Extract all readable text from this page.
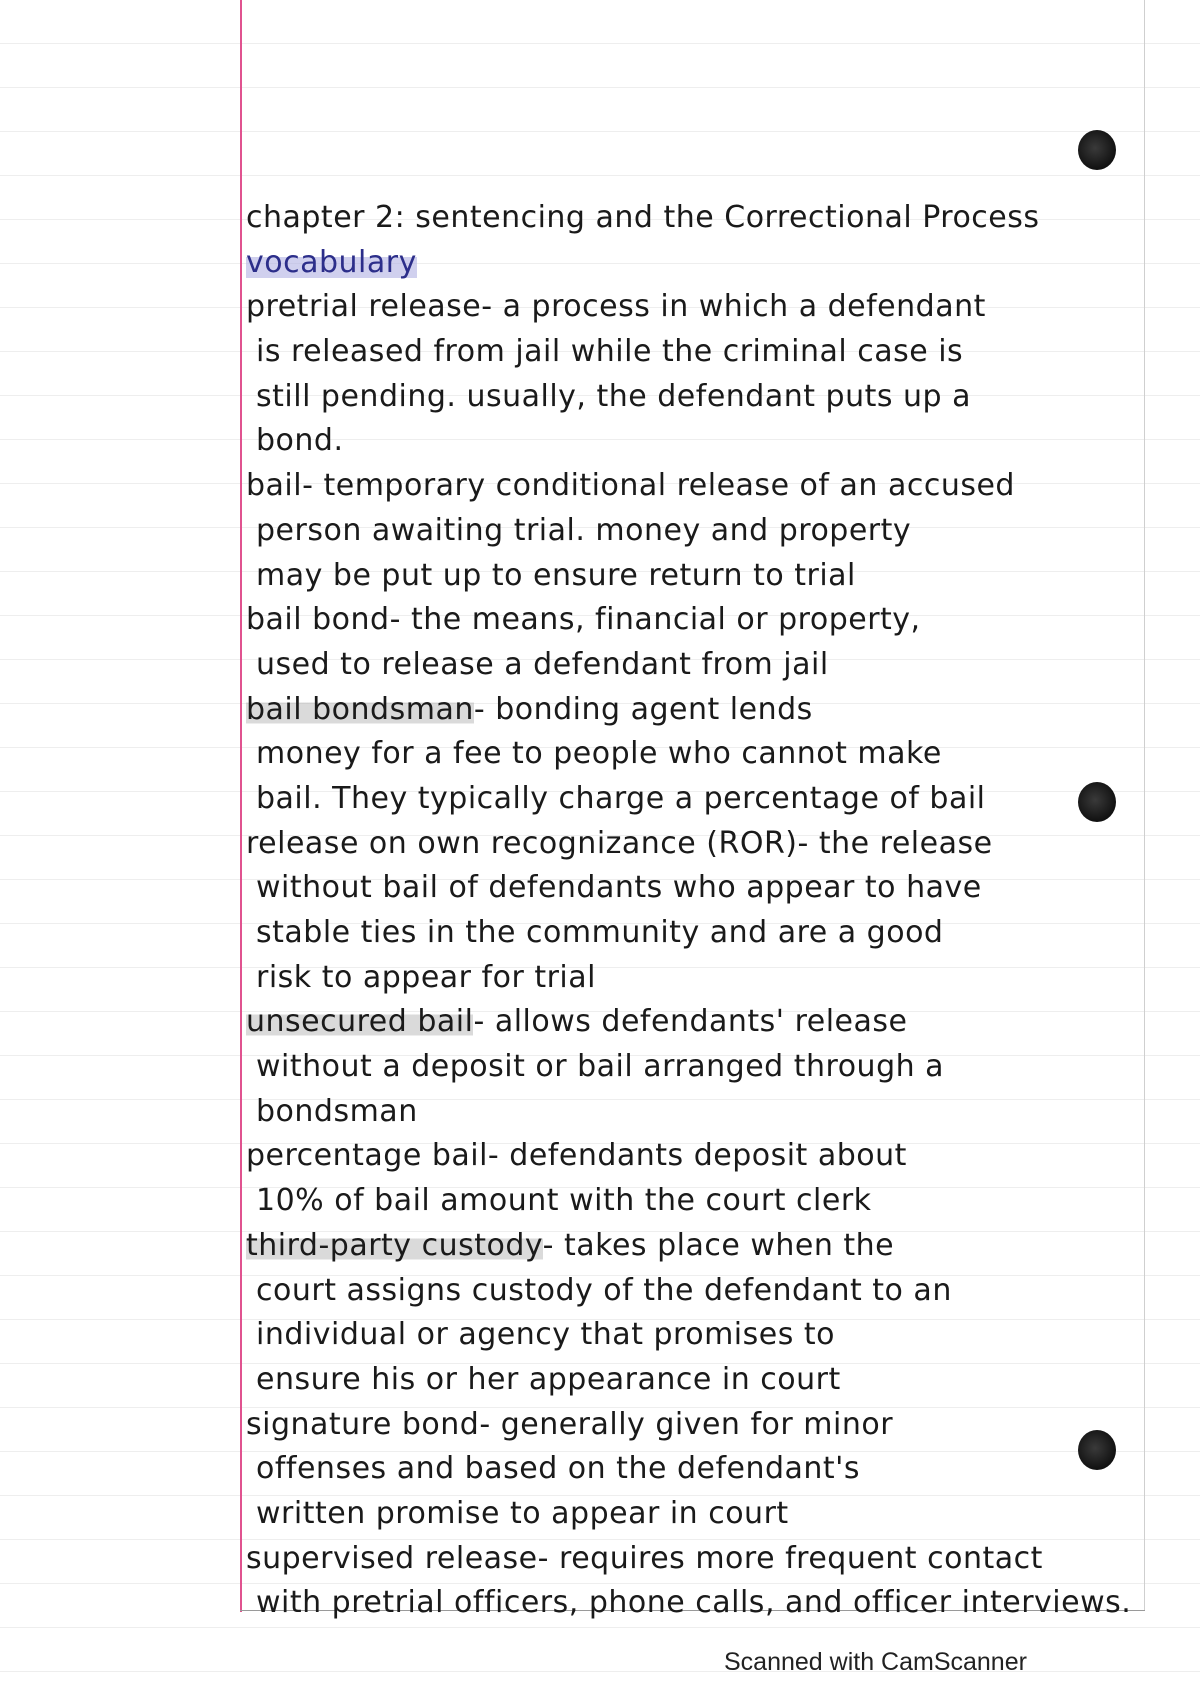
chapter 2: sentencing and the Correctional Process
vocabulary
pretrial release- a process in which a defendant
is released from jail while the criminal case is
still pending. usually, the defendant puts up a
bond.
bail- temporary conditional release of an accused
person awaiting trial. money and property
may be put up to ensure return to trial
bail bond- the means, financial or property,
used to release a defendant from jail
bail bondsman- bonding agent lends
money for a fee to people who cannot make
bail. They typically charge a percentage of bail
release on own recognizance (ROR)- the release
without bail of defendants who appear to have
stable ties in the community and are a good
risk to appear for trial
unsecured bail- allows defendants' release
without a deposit or bail arranged through a
bondsman
percentage bail- defendants deposit about
10% of bail amount with the court clerk
third-party custody- takes place when the
court assigns custody of the defendant to an
individual or agency that promises to
ensure his or her appearance in court
signature bond- generally given for minor
offenses and based on the defendant's
written promise to appear in court
supervised release- requires more frequent contact
with pretrial officers, phone calls, and officer interviews.
Scanned with CamScanner
